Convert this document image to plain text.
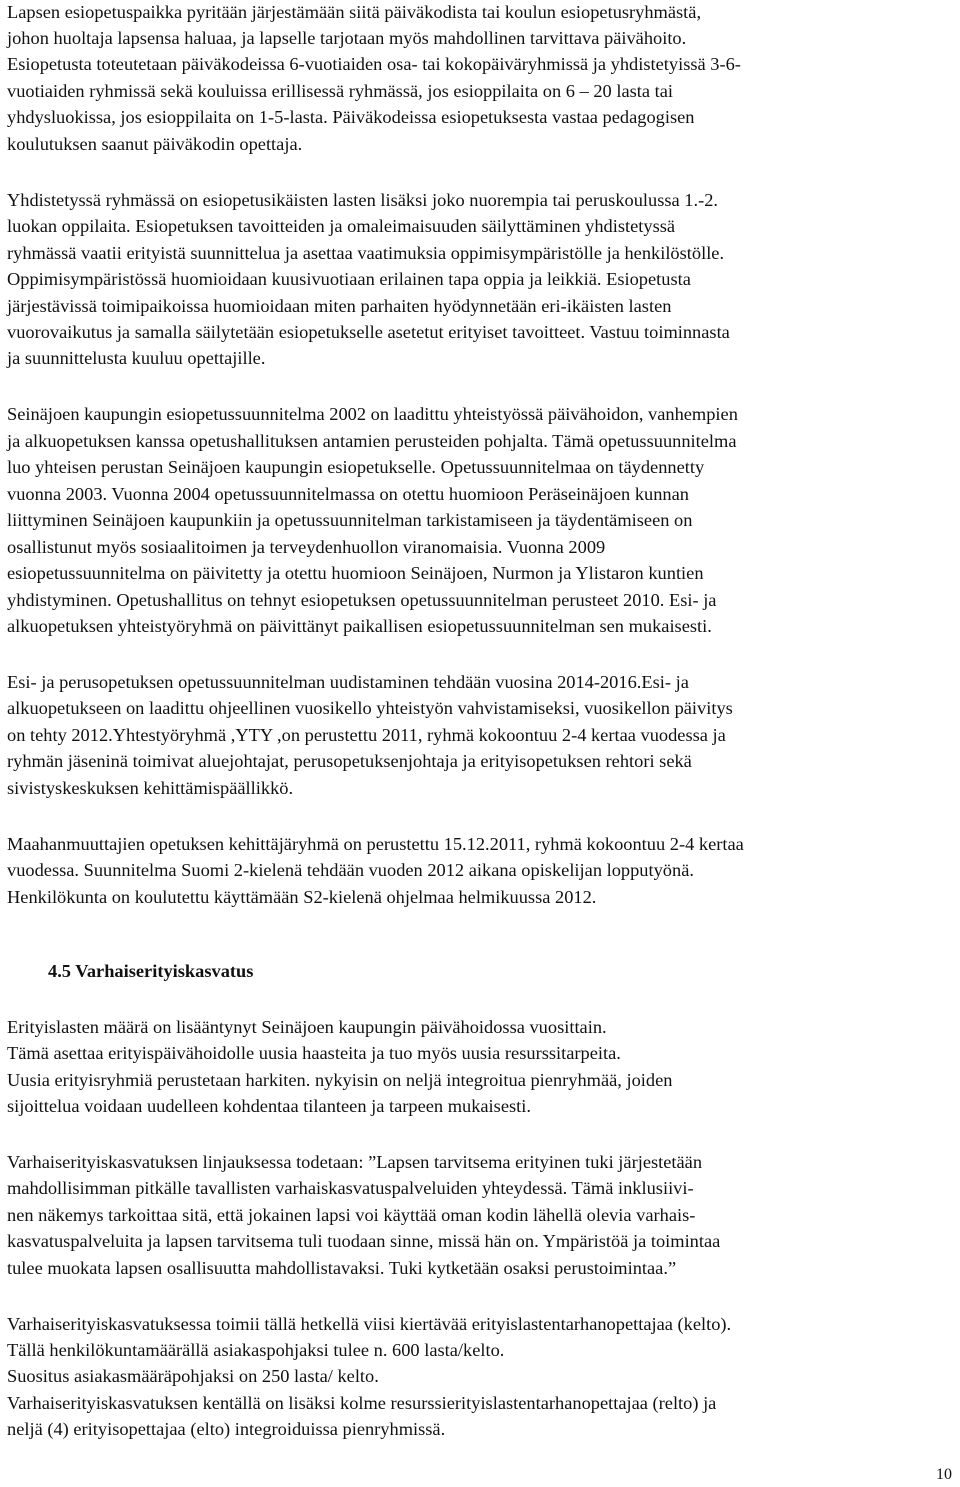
Lapsen esiopetuspaikka pyritään järjestämään siitä päiväkodista tai koulun esiopetusryhmästä,
johon huoltaja lapsensa haluaa, ja lapselle tarjotaan myös mahdollinen tarvittava päivähoito.
Esiopetusta toteutetaan päiväkodeissa 6-vuotiaiden osa- tai kokopäiväryhmissä ja yhdistetyissä 3-6-
vuotiaiden ryhmissä sekä kouluissa erillisessä ryhmässä, jos esioppilaita on 6 – 20 lasta tai
yhdysluokissa, jos esioppilaita on 1-5-lasta. Päiväkodeissa esiopetuksesta vastaa pedagogisen
koulutuksen saanut päiväkodin opettaja.
Yhdistetyssä ryhmässä on esiopetusikäisten lasten lisäksi joko nuorempia tai peruskoulussa 1.-2.
luokan oppilaita. Esiopetuksen tavoitteiden ja omaleimaisuuden säilyttäminen yhdistetyssä
ryhmässä vaatii erityistä suunnittelua ja asettaa vaatimuksia oppimisympäristölle ja henkilöstölle.
Oppimisympäristössä huomioidaan kuusivuotiaan erilainen tapa oppia ja leikkiä. Esiopetusta
järjestävissä toimipaikoissa huomioidaan miten parhaiten hyödynnetään eri-ikäisten lasten
vuorovaikutus ja samalla säilytetään esiopetukselle asetetut erityiset tavoitteet. Vastuu toiminnasta
ja suunnittelusta kuuluu opettajille.
Seinäjoen kaupungin esiopetussuunnitelma 2002 on laadittu yhteistyössä päivähoidon, vanhempien
ja alkuopetuksen kanssa opetushallituksen antamien perusteiden pohjalta. Tämä opetussuunnitelma
luo yhteisen perustan Seinäjoen kaupungin esiopetukselle. Opetussuunnitelmaa on täydennetty
vuonna 2003. Vuonna 2004 opetussuunnitelmassa on otettu huomioon Peräseinäjoen kunnan
liittyminen Seinäjoen kaupunkiin ja opetussuunnitelman tarkistamiseen ja täydentämiseen on
osallistunut myös sosiaalitoimen ja terveydenhuollon viranomaisia. Vuonna 2009
esiopetussuunnitelma on päivitetty ja otettu huomioon Seinäjoen, Nurmon ja Ylistaron kuntien
yhdistyminen. Opetushallitus on tehnyt esiopetuksen opetussuunnitelman perusteet 2010. Esi- ja
alkuopetuksen yhteistyöryhmä on päivittänyt paikallisen esiopetussuunnitelman sen mukaisesti.
Esi- ja perusopetuksen opetussuunnitelman uudistaminen tehdään vuosina 2014-2016.Esi- ja
alkuopetukseen on laadittu ohjeellinen vuosikello yhteistyön vahvistamiseksi, vuosikellon päivitys
on tehty 2012.Yhtestyöryhmä ,YTY ,on perustettu 2011, ryhmä kokoontuu 2-4 kertaa vuodessa ja
ryhmän jäseninä toimivat aluejohtajat, perusopetuksenjohtaja ja erityisopetuksen rehtori sekä
sivistyskeskuksen kehittämispäällikkö.
Maahanmuuttajien opetuksen kehittäjäryhmä on perustettu 15.12.2011, ryhmä kokoontuu 2-4 kertaa
vuodessa. Suunnitelma Suomi 2-kielenä tehdään vuoden 2012 aikana opiskelijan lopputyönä.
Henkilökunta on koulutettu käyttämään S2-kielenä ohjelmaa helmikuussa 2012.
4.5 Varhaiserityiskasvatus
Erityislasten määrä on lisääntynyt Seinäjoen kaupungin päivähoidossa vuosittain.
Tämä asettaa erityispäivähoidolle uusia haasteita ja tuo myös uusia resurssitarpeita.
Uusia erityisryhmiä perustetaan harkiten. nykyisin on neljä integroitua pienryhmää, joiden
sijoittelua voidaan uudelleen kohdentaa tilanteen ja tarpeen mukaisesti.
Varhaiserityiskasvatuksen linjauksessa todetaan: ”Lapsen tarvitsema erityinen tuki järjestetään
mahdollisimman pitkälle tavallisten varhaiskasvatuspalveluiden yhteydessä. Tämä inklusiivi-
nen näkemys tarkoittaa sitä, että jokainen lapsi voi käyttää oman kodin lähellä olevia varhais-
kasvatuspalveluita ja lapsen tarvitsema tuli tuodaan sinne, missä hän on. Ympäristöä ja toimintaa
tulee muokata lapsen osallisuutta mahdollistavaksi. Tuki kytketään osaksi perustoimintaa.”
Varhaiserityiskasvatuksessa toimii tällä hetkellä viisi kiertävää erityislastentarhanopettajaa (kelto).
Tällä henkilökuntamäärällä asiakaspohjaksi tulee n. 600 lasta/kelto.
Suositus asiakasmääräpohjaksi on 250 lasta/ kelto.
Varhaiserityiskasvatuksen kentällä on lisäksi kolme resurssierityislastentarhanopettajaa (relto) ja
neljä (4) erityisopettajaa (elto) integroiduissa pienryhmissä.
10
